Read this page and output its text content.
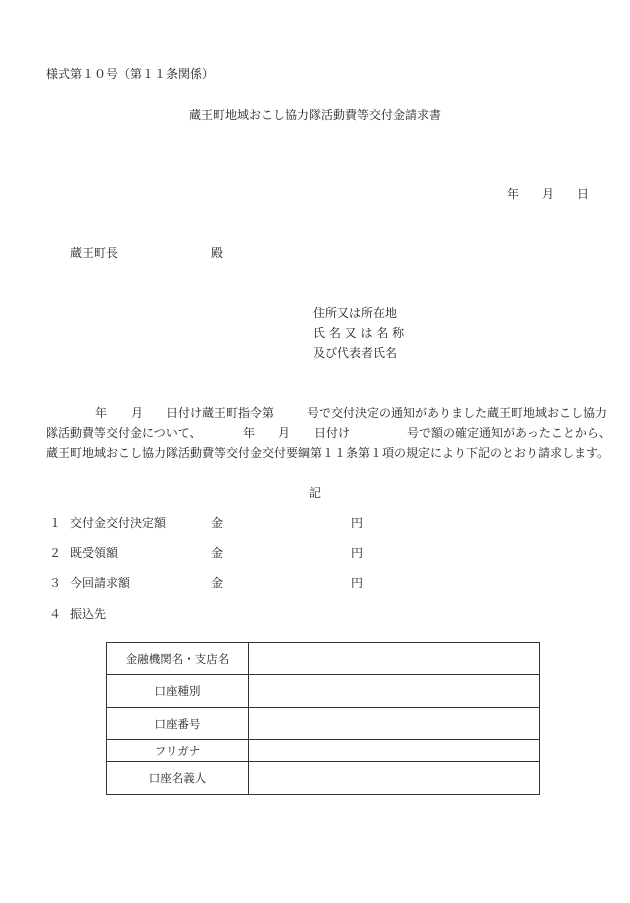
様式第１０号（第１１条関係）
蔵王町地域おこし協力隊活動費等交付金請求書
年 月 日
蔵王町長	殿
住所又は所在地
氏 名 又 は 名 称
及び代表者氏名
年 月 日付け蔵王町指令第	号で交付決定の通知がありました蔵王町地域おこし協力
隊活動費等交付金について、	年 月 日付け	号で額の確定通知があったことから、
蔵王町地域おこし協力隊活動費等交付金交付要綱第１１条第１項の規定により下記のとおり請求します。
記
１ 交付金交付決定額	金	円
２ 既受領額	金	円
３ 今回請求額	金	円
４ 振込先
金融機関名・支店名	
口座種別	
口座番号	
フリガナ	
口座名義人	
